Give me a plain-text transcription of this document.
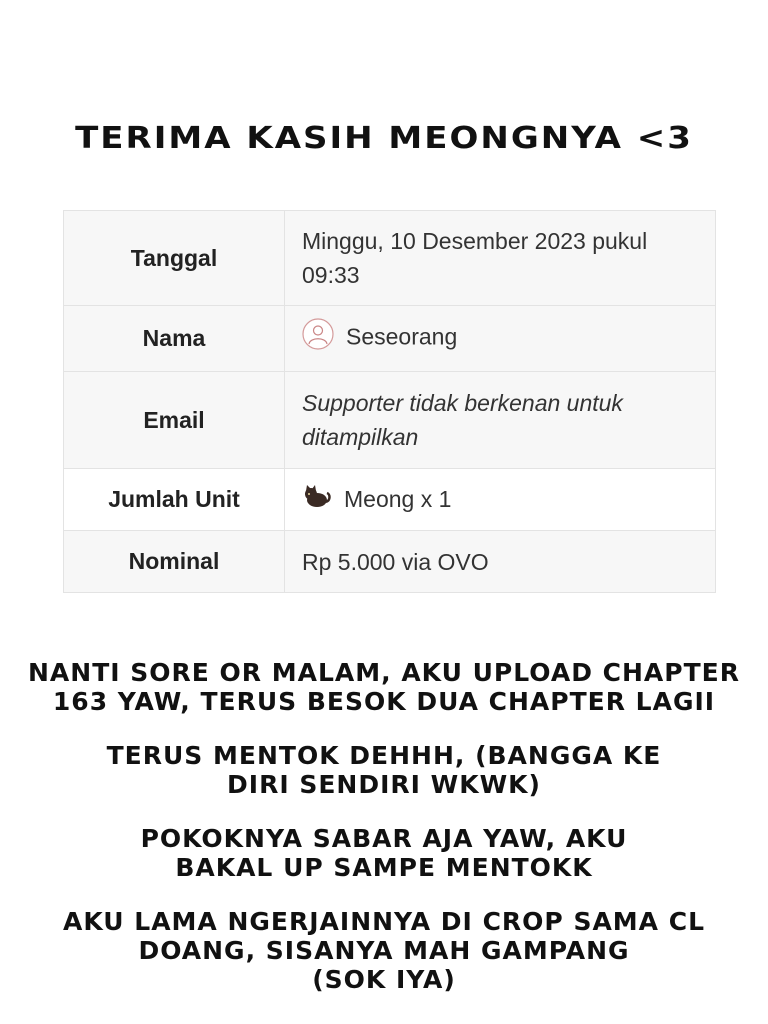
TERIMA KASIH MEONGNYA <3
Tanggal	Minggu, 10 Desember 2023 pukul 09:33
Nama	Seseorang
Email	Supporter tidak berkenan untuk ditampilkan
Jumlah Unit	Meong x 1
Nominal	Rp 5.000 via OVO

NANTI SORE OR MALAM, AKU UPLOAD CHAPTER
163 YAW, TERUS BESOK DUA CHAPTER LAGII

TERUS MENTOK DEHHH, (BANGGA KE
DIRI SENDIRI WKWK)

POKOKNYA SABAR AJA YAW, AKU
BAKAL UP SAMPE MENTOKK

AKU LAMA NGERJAINNYA DI CROP SAMA CL
DOANG, SISANYA MAH GAMPANG
(SOK IYA)
